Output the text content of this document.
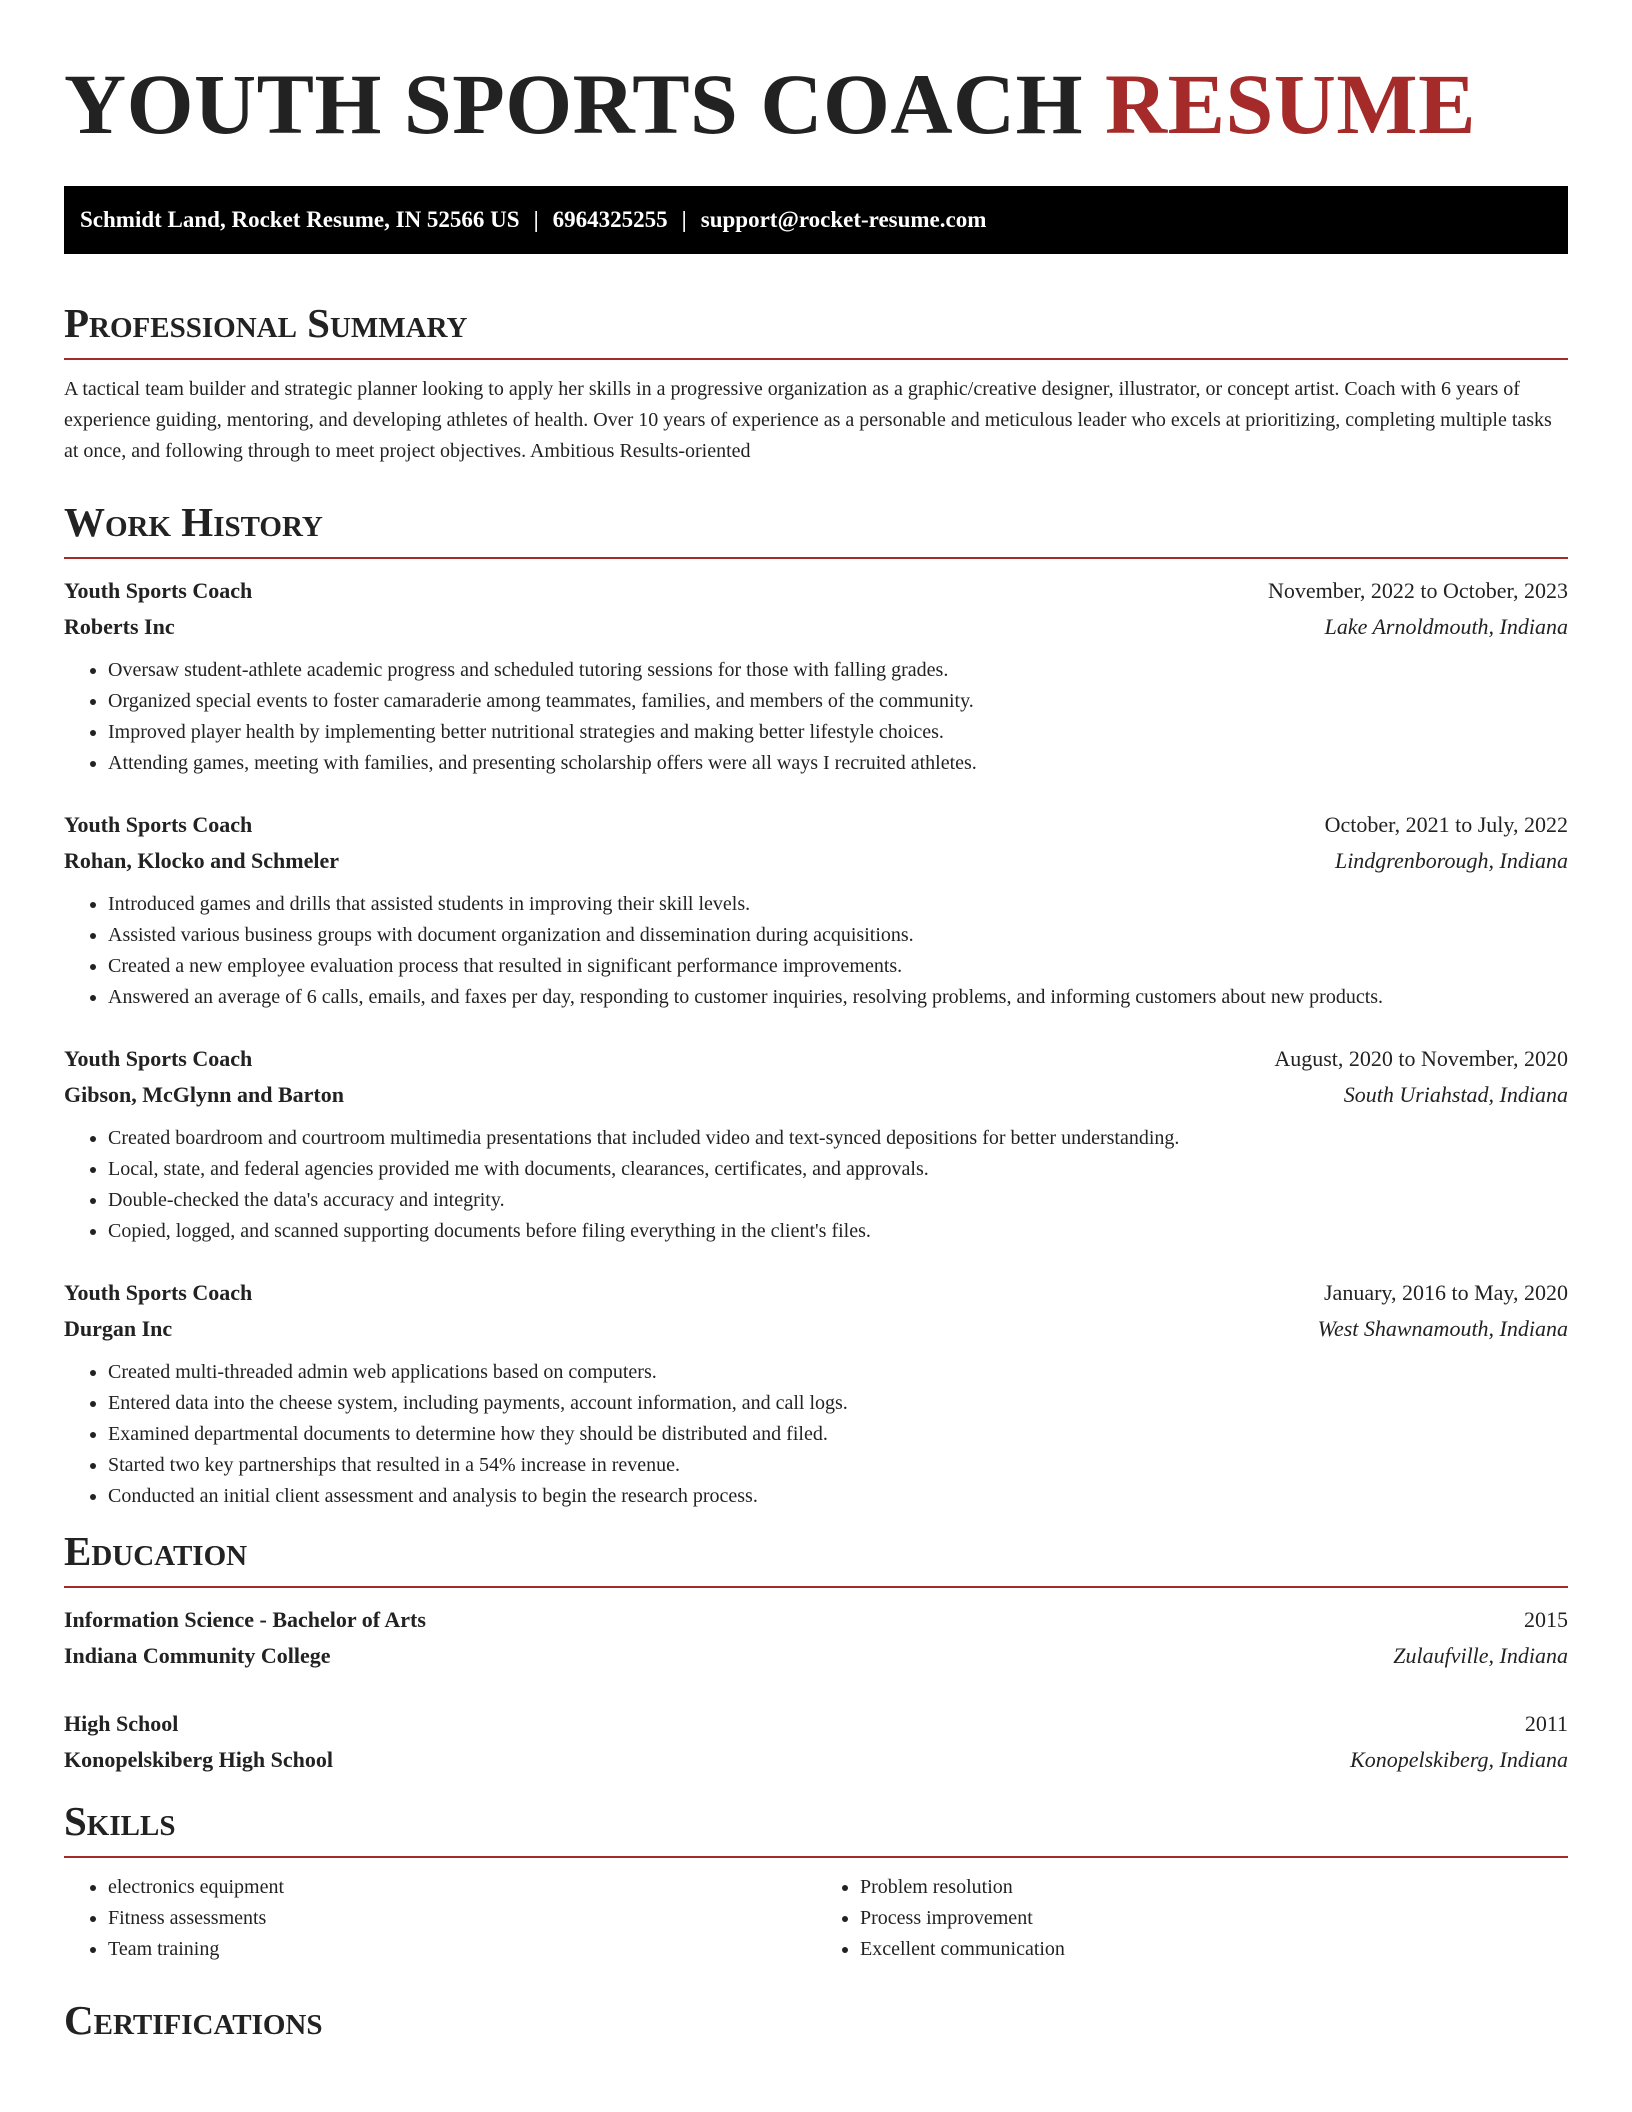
YOUTH SPORTS COACH RESUME
Schmidt Land, Rocket Resume, IN 52566 US | 6964325255 | support@rocket-resume.com
Professional Summary

A tactical team builder and strategic planner looking to apply her skills in a progressive organization as a graphic/creative designer, illustrator, or concept artist. Coach with 6 years of experience guiding, mentoring, and developing athletes of health. Over 10 years of experience as a personable and meticulous leader who excels at prioritizing, completing multiple tasks at once, and following through to meet project objectives. Ambitious Results-oriented

Work History
Youth Sports Coach	November, 2022 to October, 2023
Roberts Inc	Lake Arnoldmouth, Indiana
• Oversaw student-athlete academic progress and scheduled tutoring sessions for those with falling grades.
• Organized special events to foster camaraderie among teammates, families, and members of the community.
• Improved player health by implementing better nutritional strategies and making better lifestyle choices.
• Attending games, meeting with families, and presenting scholarship offers were all ways I recruited athletes.
Youth Sports Coach	October, 2021 to July, 2022
Rohan, Klocko and Schmeler	Lindgrenborough, Indiana
• Introduced games and drills that assisted students in improving their skill levels.
• Assisted various business groups with document organization and dissemination during acquisitions.
• Created a new employee evaluation process that resulted in significant performance improvements.
• Answered an average of 6 calls, emails, and faxes per day, responding to customer inquiries, resolving problems, and informing customers about new products.
Youth Sports Coach	August, 2020 to November, 2020
Gibson, McGlynn and Barton	South Uriahstad, Indiana
• Created boardroom and courtroom multimedia presentations that included video and text-synced depositions for better understanding.
• Local, state, and federal agencies provided me with documents, clearances, certificates, and approvals.
• Double-checked the data's accuracy and integrity.
• Copied, logged, and scanned supporting documents before filing everything in the client's files.
Youth Sports Coach	January, 2016 to May, 2020
Durgan Inc	West Shawnamouth, Indiana
• Created multi-threaded admin web applications based on computers.
• Entered data into the cheese system, including payments, account information, and call logs.
• Examined departmental documents to determine how they should be distributed and filed.
• Started two key partnerships that resulted in a 54% increase in revenue.
• Conducted an initial client assessment and analysis to begin the research process.
Education
Information Science - Bachelor of Arts	2015
Indiana Community College	Zulaufville, Indiana
High School	2011
Konopelskiberg High School	Konopelskiberg, Indiana
Skills
• electronics equipment
• Fitness assessments
• Team training
• Problem resolution
• Process improvement
• Excellent communication
Certifications
